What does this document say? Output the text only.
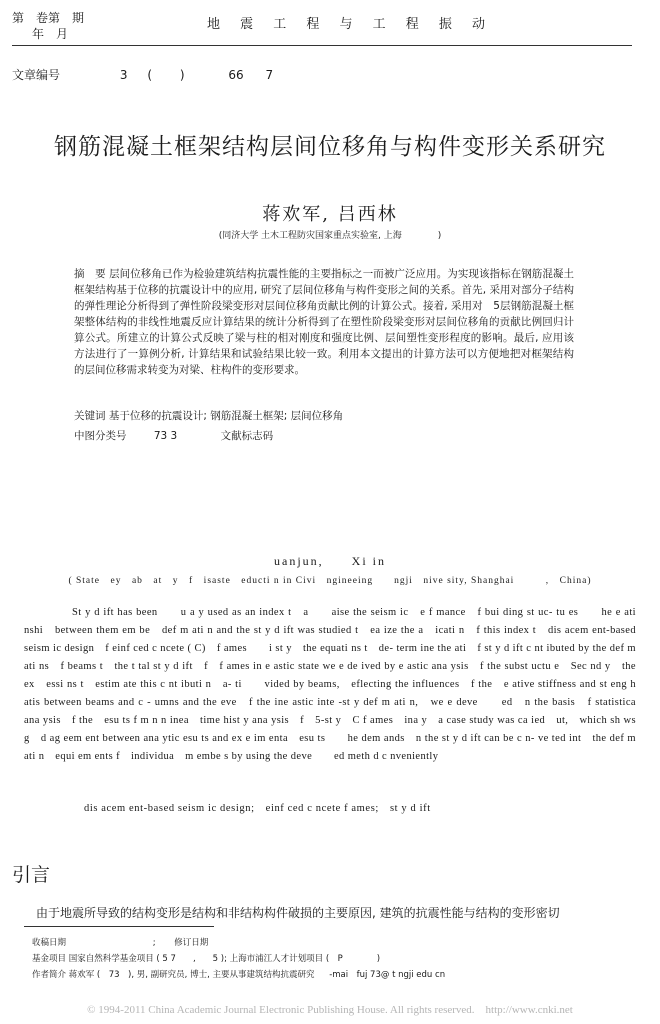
第　卷第　期
年　月
地 震 工 程 与 工 程 振 动
文章编号	3 ( )	66 7
钢筋混凝土框架结构层间位移角与构件变形关系研究
蒋欢军, 吕西林
(同济大学 土木工程防灾国家重点实验室, 上海　　　　)
摘　要 层间位移角已作为检验建筑结构抗震性能的主要指标之一而被广泛应用。为实现该指标在钢筋混凝土框架结构基于位移的抗震设计中的应用, 研究了层间位移角与构件变形之间的关系。首先, 采用对部分子结构的弹性理论分析得到了弹性阶段梁变形对层间位移角贡献比例的计算公式。接着, 采用对　5层钢筋混凝土框架整体结构的非线性地震反应计算结果的统计分析得到了在塑性阶段梁变形对层间位移角的贡献比例回归计算公式。所建立的计算公式反映了梁与柱的相对刚度和强度比例、层间塑性变形程度的影响。最后, 应用该方法进行了一算例分析, 计算结果和试验结果比较一致。利用本文提出的计算方法可以方便地把对框架结构的层间位移需求转变为对梁、柱构件的变形要求。
关键词 基于位移的抗震设计; 钢筋混凝土框架; 层间位移角
中图分类号	73 3	文献标志码
uanjun,　　Xi in
( State　ey　ab　at　y　f　isaste　educti n in Civi　ngineeing　　ngji　nive sity, Shanghai　　　,　China)
St y d ift has been　　u a y used as an index t　a　　aise the seism ic　e f mance　f bui ding st uc- tu es　　he e ati nshi　between them em be　def m ati n and the st y d ift was studied t　ea ize the a　icati n　f this index t　dis acem ent-based seism ic design　f einf ced c ncete ( C)　f ames　　i st y　the equati ns t　de- term ine the ati　f st y d ift c nt ibuted by the def m ati ns　f beams t　the t tal st y d ift　f　f ames in e astic state we e de ived by e astic ana ysis　f the subst uctu e　Sec nd y　the ex　essi ns t　estim ate this c nt ibuti n　a- ti　　vided by beams,　eflecting the influences　f the　e ative stiffness and st eng h　atis between beams and c - umns and the eve　f the ine astic inte -st y def m ati n,　we e deve　　ed　n the basis　f statistica　ana ysis　f the　esu ts f m n n inea　time hist y ana ysis　f　5-st y　C f ames　ina y　a case study was ca ied　ut,　which sh ws g　d ag eem ent between ana ytic esu ts and ex e im enta　esu ts　　he dem ands　n the st y d ift can be c n- ve ted int　the def m ati n　equi em ents f　individua　m embe s by using the deve　　ed meth d c nveniently
dis acem ent-based seism ic design;　einf ced c ncete f ames;　st y d ift
引言
由于地震所导致的结构变形是结构和非结构构件破损的主要原因, 建筑的抗震性能与结构的变形密切
收稿日期	; 修订日期
基金项目 国家自然科学基金项目 ( 5 7　　,　　5 ); 上海市浦江人才计划项目 (　P　　　　)
作者简介 蒋欢军 (　73　), 男, 副研究员, 博士, 主要从事建筑结构抗震研究 -mai　fuj 73@ t ngji edu cn
© 1994-2011 China Academic Journal Electronic Publishing House. All rights reserved.　http://www.cnki.net
